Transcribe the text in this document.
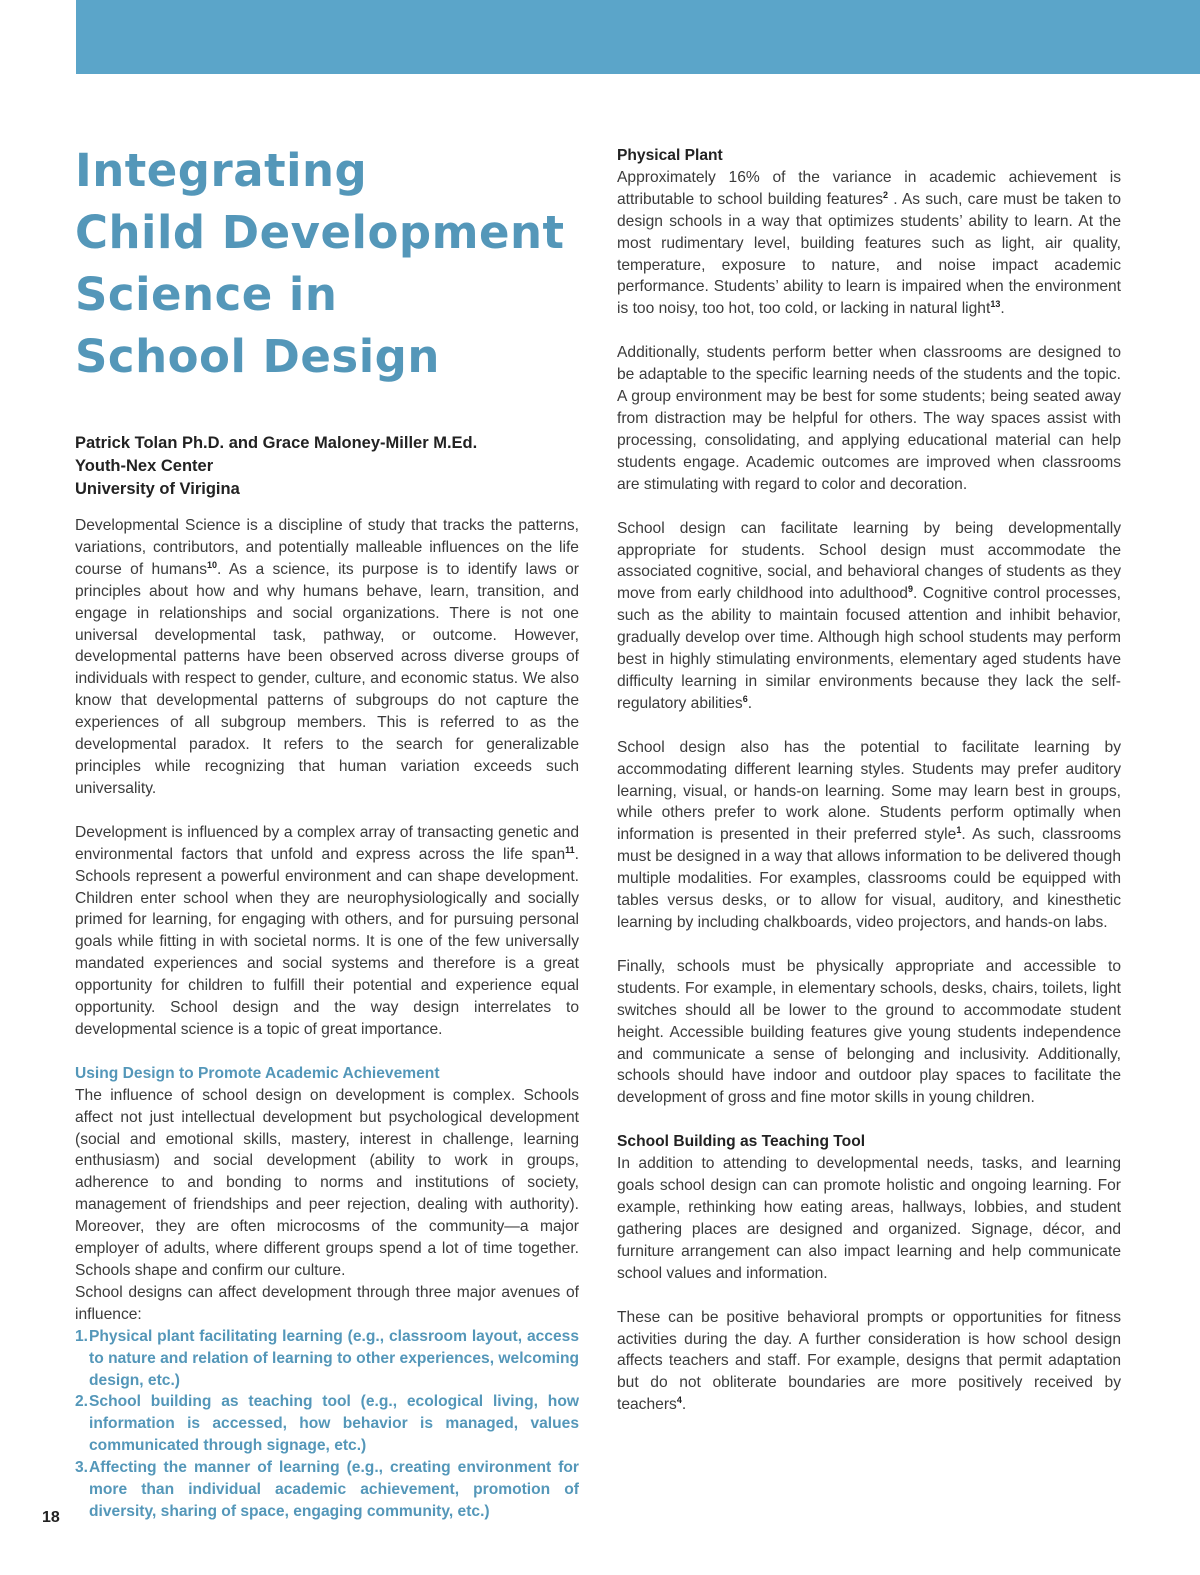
Integrating
Child Development
Science in
School Design
Patrick Tolan Ph.D. and Grace Maloney-Miller M.Ed.
Youth-Nex Center
University of Virigina

Developmental Science is a discipline of study that tracks the patterns, variations, contributors, and potentially malleable influences on the life course of humans$^{10}$. As a science, its purpose is to identify laws or principles about how and why humans behave, learn, transition, and engage in relationships and social organizations. There is not one universal developmental task, pathway, or outcome. However, developmental patterns have been observed across diverse groups of individuals with respect to gender, culture, and economic status. We also know that developmental patterns of subgroups do not capture the experiences of all subgroup members. This is referred to as the developmental paradox. It refers to the search for generalizable principles while recognizing that human variation exceeds such universality.

Development is influenced by a complex array of transacting genetic and environmental factors that unfold and express across the life span$^{11}$. Schools represent a powerful environment and can shape development. Children enter school when they are neurophysiologically and socially primed for learning, for engaging with others, and for pursuing personal goals while fitting in with societal norms. It is one of the few universally mandated experiences and social systems and therefore is a great opportunity for children to fulfill their potential and experience equal opportunity. School design and the way design interrelates to developmental science is a topic of great importance.

Using Design to Promote Academic Achievement

The influence of school design on development is complex. Schools affect not just intellectual development but psychological development (social and emotional skills, mastery, interest in challenge, learning enthusiasm) and social development (ability to work in groups, adherence to and bonding to norms and institutions of society, management of friendships and peer rejection, dealing with authority). Moreover, they are often microcosms of the community—a major employer of adults, where different groups spend a lot of time together. Schools shape and confirm our culture.

School designs can affect development through three major avenues of influence:

1. Physical plant facilitating learning (e.g., classroom layout, access to nature and relation of learning to other experiences, welcoming design, etc.)
2. School building as teaching tool (e.g., ecological living, how information is accessed, how behavior is managed, values communicated through signage, etc.)
3. Affecting the manner of learning (e.g., creating environment for more than individual academic achievement, promotion of diversity, sharing of space, engaging community, etc.)
Physical Plant

Approximately 16% of the variance in academic achievement is attributable to school building features$^2$ . As such, care must be taken to design schools in a way that optimizes students’ ability to learn. At the most rudimentary level, building features such as light, air quality, temperature, exposure to nature, and noise impact academic performance. Students’ ability to learn is impaired when the environment is too noisy, too hot, too cold, or lacking in natural light$^{13}$.

Additionally, students perform better when classrooms are designed to be adaptable to the specific learning needs of the students and the topic. A group environment may be best for some students; being seated away from distraction may be helpful for others. The way spaces assist with processing, consolidating, and applying educational material can help students engage. Academic outcomes are improved when classrooms are stimulating with regard to color and decoration.

School design can facilitate learning by being developmentally appropriate for students. School design must accommodate the associated cognitive, social, and behavioral changes of students as they move from early childhood into adulthood$^9$. Cognitive control processes, such as the ability to maintain focused attention and inhibit behavior, gradually develop over time. Although high school students may perform best in highly stimulating environments, elementary aged students have difficulty learning in similar environments because they lack the self-regulatory abilities$^6$.

School design also has the potential to facilitate learning by accommodating different learning styles. Students may prefer auditory learning, visual, or hands-on learning. Some may learn best in groups, while others prefer to work alone. Students perform optimally when information is presented in their preferred style$^1$. As such, classrooms must be designed in a way that allows information to be delivered though multiple modalities. For examples, classrooms could be equipped with tables versus desks, or to allow for visual, auditory, and kinesthetic learning by including chalkboards, video projectors, and hands-on labs.

Finally, schools must be physically appropriate and accessible to students. For example, in elementary schools, desks, chairs, toilets, light switches should all be lower to the ground to accommodate student height. Accessible building features give young students independence and communicate a sense of belonging and inclusivity. Additionally, schools should have indoor and outdoor play spaces to facilitate the development of gross and fine motor skills in young children.

School Building as Teaching Tool

In addition to attending to developmental needs, tasks, and learning goals school design can can promote holistic and ongoing learning. For example, rethinking how eating areas, hallways, lobbies, and student gathering places are designed and organized. Signage, décor, and furniture arrangement can also impact learning and help communicate school values and information.

These can be positive behavioral prompts or opportunities for fitness activities during the day. A further consideration is how school design affects teachers and staff. For example, designs that permit adaptation but do not obliterate boundaries are more positively received by teachers$^4$.

18
